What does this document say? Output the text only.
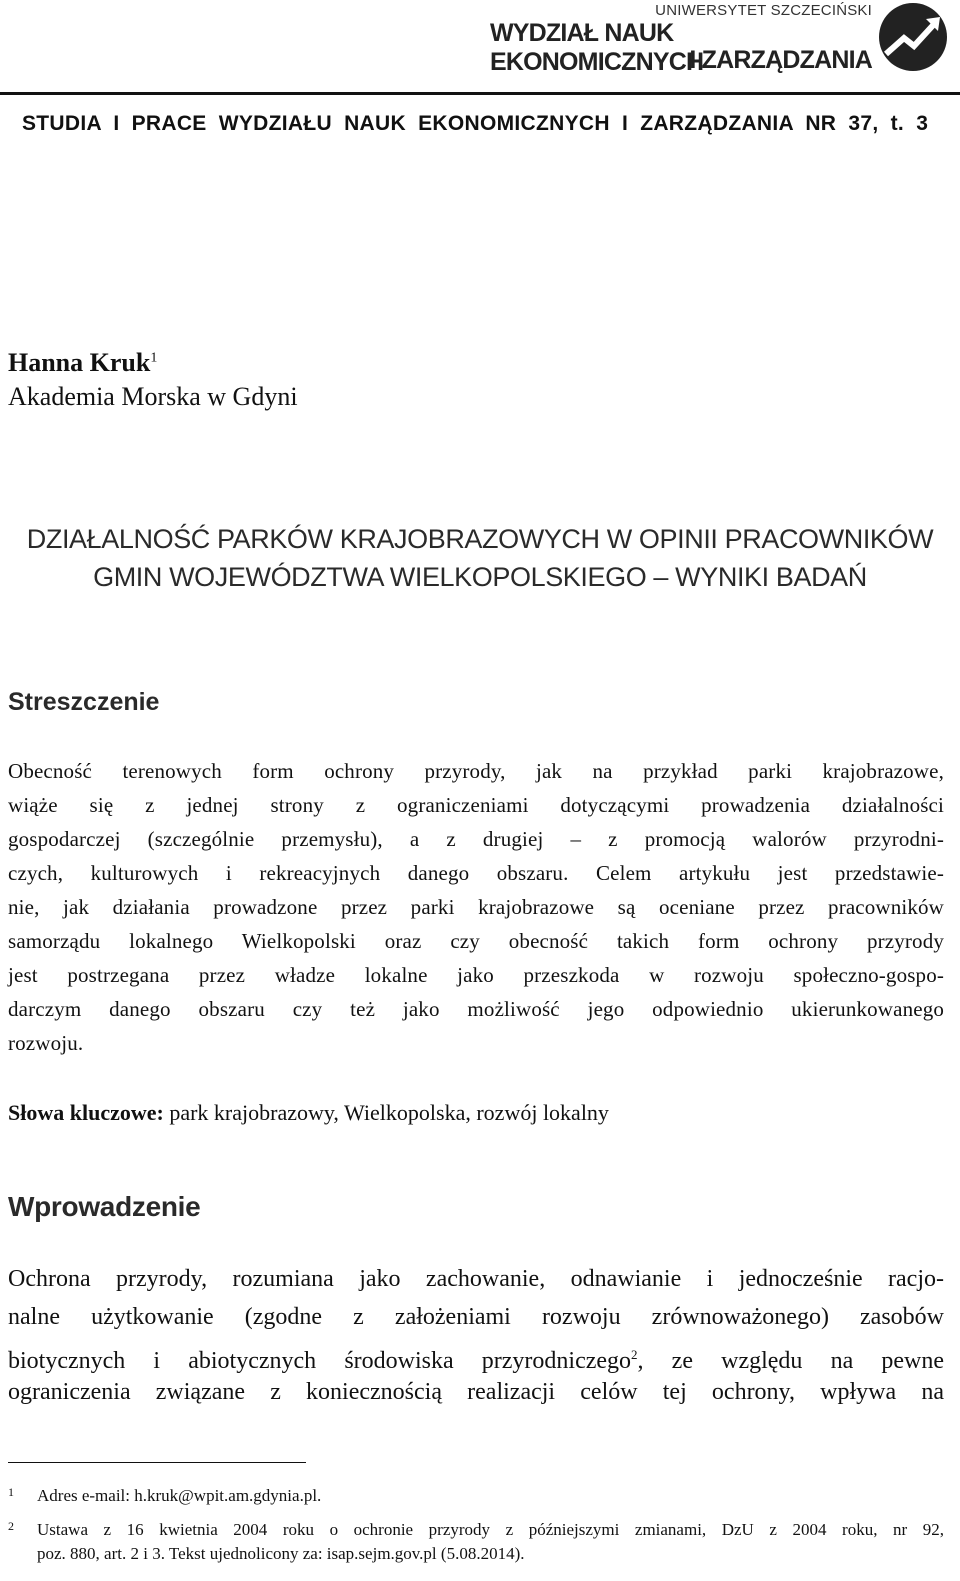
UNIWERSYTET SZCZECIŃSKI
WYDZIAŁ NAUK EKONOMICZNYCH
I ZARZĄDZANIA
STUDIA I PRACE WYDZIAŁU NAUK EKONOMICZNYCH I ZARZĄDZANIA NR 37, t. 3
Hanna Kruk$^1$
Akademia Morska w Gdyni
DZIAŁALNOŚĆ PARKÓW KRAJOBRAZOWYCH W OPINII PRACOWNIKÓW
GMIN WOJEWÓDZTWA WIELKOPOLSKIEGO – WYNIKI BADAŃ
Streszczenie
Obecność terenowych form ochrony przyrody, jak na przykład parki krajobrazowe,
wiąże się z jednej strony z ograniczeniami dotyczącymi prowadzenia działalności
gospodarczej (szczególnie przemysłu), a z drugiej – z promocją walorów przyrodni-
czych, kulturowych i rekreacyjnych danego obszaru. Celem artykułu jest przedstawie-
nie, jak działania prowadzone przez parki krajobrazowe są oceniane przez pracowników
samorządu lokalnego Wielkopolski oraz czy obecność takich form ochrony przyrody
jest postrzegana przez władze lokalne jako przeszkoda w rozwoju społeczno-gospo-
darczym danego obszaru czy też jako możliwość jego odpowiednio ukierunkowanego
rozwoju.
Słowa kluczowe: park krajobrazowy, Wielkopolska, rozwój lokalny
Wprowadzenie
Ochrona przyrody, rozumiana jako zachowanie, odnawianie i jednocześnie racjo-
nalne użytkowanie (zgodne z założeniami rozwoju zrównoważonego) zasobów
biotycznych i abiotycznych środowiska przyrodniczego$^2$, ze względu na pewne
ograniczenia związane z koniecznością realizacji celów tej ochrony, wpływa na
1 Adres e-mail: h.kruk@wpit.am.gdynia.pl.
2 Ustawa z 16 kwietnia 2004 roku o ochronie przyrody z późniejszymi zmianami, DzU z 2004 roku, nr 92,
poz. 880, art. 2 i 3. Tekst ujednolicony za: isap.sejm.gov.pl (5.08.2014).
